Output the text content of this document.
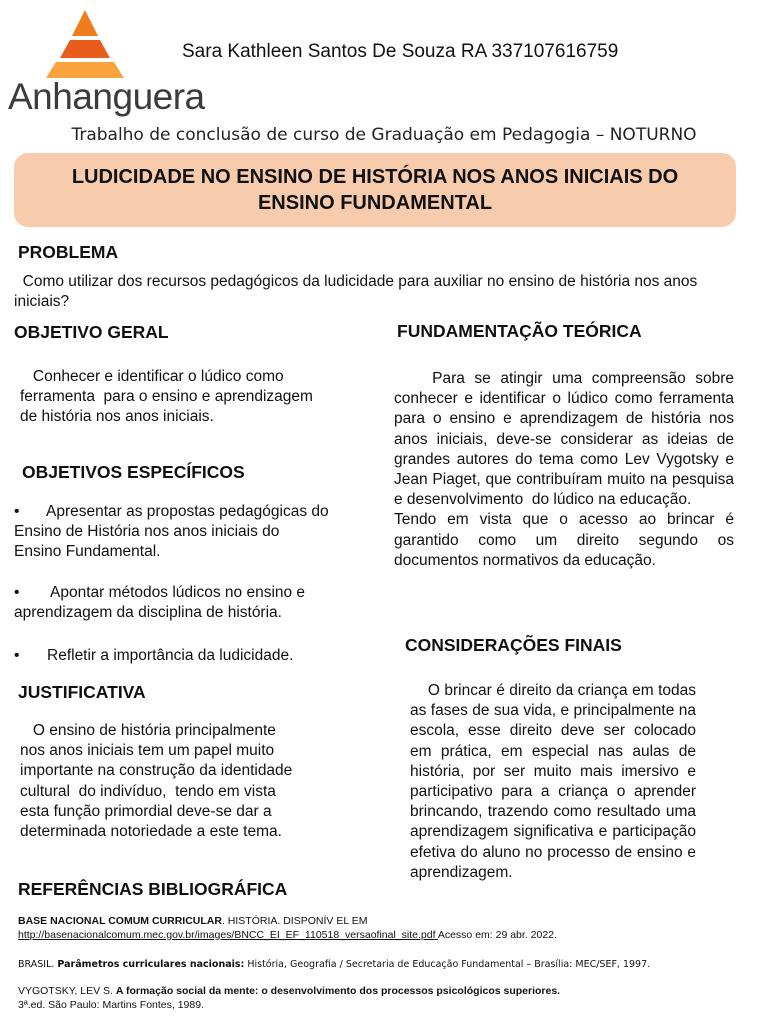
Anhanguera
Sara Kathleen Santos De Souza RA 337107616759
Trabalho de conclusão de curso de Graduação em Pedagogia – NOTURNO
LUDICIDADE NO ENSINO DE HISTÓRIA NOS ANOS INICIAIS DO
ENSINO FUNDAMENTAL
PROBLEMA

Como utilizar dos recursos pedagógicos da ludicidade para auxiliar no ensino de história nos anos iniciais?

OBJETIVO GERAL

Conhecer e identificar o lúdico como ferramenta  para o ensino e aprendizagem de história nos anos iniciais.

OBJETIVOS ESPECÍFICOS
•	Apresentar as propostas pedagógicas do Ensino de História nos anos iniciais do Ensino Fundamental.
•	Apontar métodos lúdicos no ensino e aprendizagem da disciplina de história.
•	Refletir a importância da ludicidade.
JUSTIFICATIVA

O ensino de história principalmente nos anos iniciais tem um papel muito importante na construção da identidade cultural  do indivíduo,  tendo em vista esta função primordial deve-se dar a determinada notoriedade a este tema.

REFERÊNCIAS BIBLIOGRÁFICA
FUNDAMENTAÇÃO TEÓRICA

Para se atingir uma compreensão sobre conhecer e identificar o lúdico como ferramenta para o ensino e aprendizagem de história nos anos iniciais, deve-se considerar as ideias de grandes autores do tema como Lev Vygotsky e Jean Piaget, que contribuíram muito na pesquisa e desenvolvimento  do lúdico na educação.
Tendo em vista que o acesso ao brincar é garantido como um direito segundo os documentos normativos da educação.

CONSIDERAÇÕES FINAIS

O brincar é direito da criança em todas as fases de sua vida, e principalmente na escola, esse direito deve ser colocado em prática, em especial nas aulas de história, por ser muito mais imersivo e participativo para a criança o aprender brincando, trazendo como resultado uma aprendizagem significativa e participação efetiva do aluno no processo de ensino e aprendizagem.

BASE NACIONAL COMUM CURRICULAR. HISTÓRIA. DISPONÍV EL EM
http://basenacionalcomum.mec.gov.br/images/BNCC_EI_EF_110518_versaofinal_site.pdf Acesso em: 29 abr. 2022.
BRASIL. Parâmetros curriculares nacionais: História, Geografia / Secretaria de Educação Fundamental – Brasília: MEC/SEF, 1997.
VYGOTSKY, LEV S. A formação social da mente: o desenvolvimento dos processos psicológicos superiores.
3ª.ed. São Paulo: Martins Fontes, 1989.
